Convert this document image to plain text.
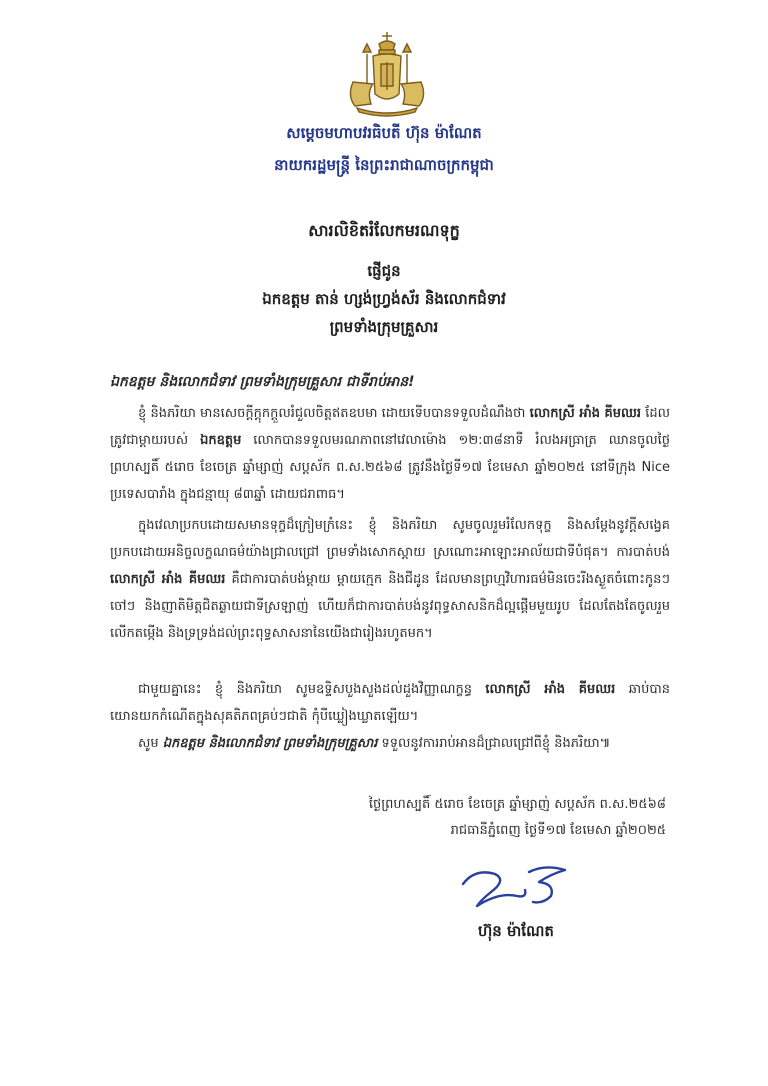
សម្ដេចមហាបវរធិបតី ហ៊ុន ម៉ាណែត
នាយករដ្ឋមន្ត្រី នៃព្រះរាជាណាចក្រកម្ពុជា
សារលិខិតរំលែកមរណទុក្ខ
ផ្ញើជូន
ឯកឧត្ដម តាន់ ហ្សង់ហ្វ្រង់ស័រ និងលោកជំទាវ
ព្រមទាំងក្រុមគ្រួសារ
ឯកឧត្ដម និងលោកជំទាវ ព្រមទាំងក្រុមគ្រួសារ ជាទីរាប់អាន!
ខ្ញុំ និងភរិយា មានសេចក្ដីក្ដុកក្ដួលរំជួលចិត្តឥតឧបមា ដោយទើបបានទទួលដំណឹងថា លោកស្រី អាំង គីមឈរ ដែលត្រូវជាម្ដាយរបស់ ឯកឧត្ដម លោកបានទទួលមរណភាពនៅវេលាម៉ោង ១២:៣៨នាទី រំលងអធ្រាត្រ ឈានចូលថ្ងៃព្រហស្បតិ៍ ៥រោច ខែចេត្រ ឆ្នាំម្សាញ់ សប្តស័ក ព.ស.២៥៦៨ ត្រូវនឹងថ្ងៃទី១៧ ខែមេសា ឆ្នាំ២០២៥ នៅទីក្រុង Nice ប្រទេសបារាំង ក្នុងជន្មាយុ ៨៣ឆ្នាំ ដោយជរាពាធ។
ក្នុងវេលាប្រកបដោយសមានទុក្ខដ៏ក្រៀមក្រំនេះ ខ្ញុំ និងភរិយា សូមចូលរួមរំលែកទុក្ខ និងសម្ដែងនូវក្ដីសង្វេគប្រកបដោយអនិច្ចលក្ខណធម៌យ៉ាងជ្រាលជ្រៅ ព្រមទាំងសោកស្ដាយ ស្រណោះអាឡោះអាល័យជាទីបំផុត។ ការបាត់បង់ លោកស្រី អាំង គីមឈរ គឺជាការបាត់បង់ម្ដាយ ម្ដាយក្មេក និងជីដូន ដែលមានព្រហ្មវិហារធម៌មិនចេះរីងស្ងួតចំពោះកូនៗ ចៅៗ និងញាតិមិត្តជិតឆ្ងាយជាទីស្រឡាញ់ ហើយក៏ជាការបាត់បង់នូវពុទ្ធសាសនិកដ៏ល្អផ្ដើមមួយរូប ដែលតែងតែចូលរួមលើកតម្កើង និងទ្រទ្រង់ដល់ព្រះពុទ្ធសាសនានៃយើងជារៀងរហូតមក។
ជាមួយគ្នានេះ ខ្ញុំ និងភរិយា សូមឧទ្ទិសបួងសួងដល់ដួងវិញ្ញាណក្ខន្ធ លោកស្រី អាំង គីមឈរ ឆាប់បានយោនយកកំណើតក្នុងសុគតិភពគ្រប់ៗជាតិ កុំបីឃ្លៀងឃ្លាតឡើយ។
សូម ឯកឧត្ដម និងលោកជំទាវ ព្រមទាំងក្រុមគ្រួសារ ទទួលនូវការរាប់អានដ៏ជ្រាលជ្រៅពីខ្ញុំ និងភរិយា៕
ថ្ងៃព្រហស្បតិ៍ ៥រោច ខែចេត្រ ឆ្នាំម្សាញ់ សប្តស័ក ព.ស.២៥៦៨
រាជធានីភ្នំពេញ ថ្ងៃទី១៧ ខែមេសា ឆ្នាំ២០២៥
ហ៊ុន ម៉ាណែត
